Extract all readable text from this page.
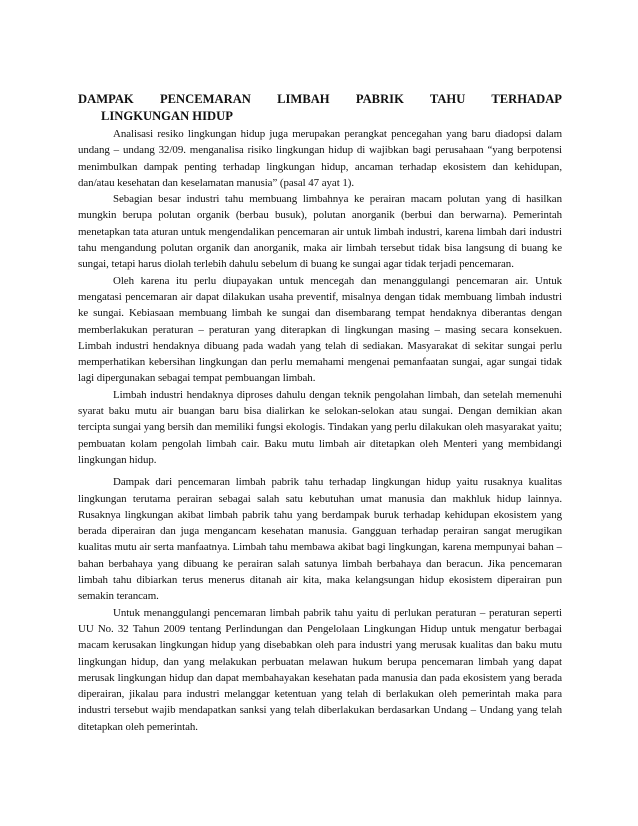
DAMPAK PENCEMARAN LIMBAH PABRIK TAHU TERHADAP
LINGKUNGAN HIDUP

Analisasi resiko lingkungan hidup juga merupakan perangkat pencegahan yang baru diadopsi dalam undang – undang 32/09. menganalisa risiko lingkungan hidup di wajibkan bagi perusahaan “yang berpotensi menimbulkan dampak penting terhadap lingkungan hidup, ancaman terhadap ekosistem dan kehidupan, dan/atau kesehatan dan keselamatan manusia” (pasal 47 ayat 1).

Sebagian besar industri tahu membuang limbahnya ke perairan macam polutan yang di hasilkan mungkin berupa polutan organik (berbau busuk), polutan anorganik (berbui dan berwarna). Pemerintah menetapkan tata aturan untuk mengendalikan pencemaran air untuk limbah industri, karena limbah dari industri tahu mengandung polutan organik dan anorganik, maka air limbah tersebut tidak bisa langsung di buang ke sungai, tetapi harus diolah terlebih dahulu sebelum di buang ke sungai agar tidak terjadi pencemaran.

Oleh karena itu perlu diupayakan untuk mencegah dan menanggulangi pencemaran air. Untuk mengatasi pencemaran air dapat dilakukan usaha preventif, misalnya dengan tidak membuang limbah industri ke sungai. Kebiasaan membuang limbah ke sungai dan disembarang tempat hendaknya diberantas dengan memberlakukan peraturan – peraturan yang diterapkan di lingkungan masing – masing secara konsekuen. Limbah industri hendaknya dibuang pada wadah yang telah di sediakan. Masyarakat di sekitar sungai perlu memperhatikan kebersihan lingkungan dan perlu memahami mengenai pemanfaatan sungai, agar sungai tidak lagi dipergunakan sebagai tempat pembuangan limbah.

Limbah industri hendaknya diproses dahulu dengan teknik pengolahan limbah, dan setelah memenuhi syarat baku mutu air buangan baru bisa dialirkan ke selokan-selokan atau sungai. Dengan demikian akan tercipta sungai yang bersih dan memiliki fungsi ekologis. Tindakan yang perlu dilakukan oleh masyarakat yaitu; pembuatan kolam pengolah limbah cair. Baku mutu limbah air ditetapkan oleh Menteri yang membidangi lingkungan hidup.

Dampak dari pencemaran limbah pabrik tahu terhadap lingkungan hidup yaitu rusaknya kualitas lingkungan terutama perairan sebagai salah satu kebutuhan umat manusia dan makhluk hidup lainnya. Rusaknya lingkungan akibat limbah pabrik tahu yang berdampak buruk terhadap kehidupan ekosistem yang berada diperairan dan juga mengancam kesehatan manusia. Gangguan terhadap perairan sangat merugikan kualitas mutu air serta manfaatnya. Limbah tahu membawa akibat bagi lingkungan, karena mempunyai bahan – bahan berbahaya yang dibuang ke perairan salah satunya limbah berbahaya dan beracun. Jika pencemaran limbah tahu dibiarkan terus menerus ditanah air kita, maka kelangsungan hidup ekosistem diperairan pun semakin terancam.

Untuk menanggulangi pencemaran limbah pabrik tahu yaitu di perlukan peraturan – peraturan seperti UU No. 32 Tahun 2009 tentang Perlindungan dan Pengelolaan Lingkungan Hidup untuk mengatur berbagai macam kerusakan lingkungan hidup yang disebabkan oleh para industri yang merusak kualitas dan baku mutu lingkungan hidup, dan yang melakukan perbuatan melawan hukum berupa pencemaran limbah yang dapat merusak lingkungan hidup dan dapat membahayakan kesehatan pada manusia dan pada ekosistem yang berada diperairan, jikalau para industri melanggar ketentuan yang telah di berlakukan oleh pemerintah maka para industri tersebut wajib mendapatkan sanksi yang telah diberlakukan berdasarkan Undang – Undang yang telah ditetapkan oleh pemerintah.
